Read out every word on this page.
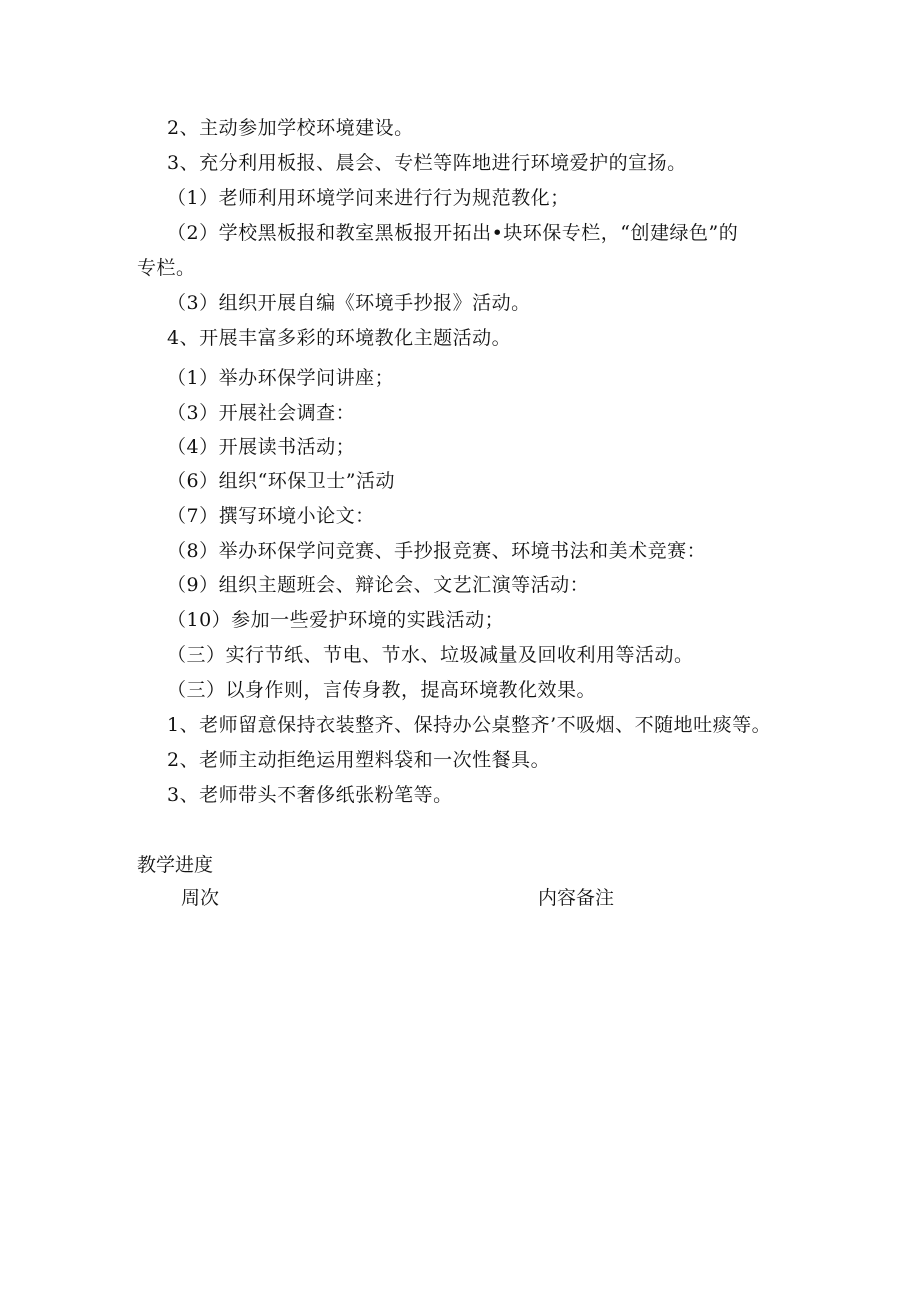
2、主动参加学校环境建设。
3、充分利用板报、晨会、专栏等阵地进行环境爱护的宣扬。
（1）老师利用环境学问来进行行为规范教化；
（2）学校黑板报和教室黑板报开拓出•块环保专栏，“创建绿色”的
专栏。
（3）组织开展自编《环境手抄报》活动。
4、开展丰富多彩的环境教化主题活动。
（1）举办环保学问讲座；
（3）开展社会调查：
（4）开展读书活动；
（6）组织“环保卫士”活动
（7）撰写环境小论文：
（8）举办环保学问竞赛、手抄报竞赛、环境书法和美术竞赛：
（9）组织主题班会、辩论会、文艺汇演等活动：
（10）参加一些爱护环境的实践活动；
（三）实行节纸、节电、节水、垃圾减量及回收利用等活动。
（三）以身作则，言传身教，提高环境教化效果。
1、老师留意保持衣装整齐、保持办公桌整齐’不吸烟、不随地吐痰等。
2、老师主动拒绝运用塑料袋和一次性餐具。
3、老师带头不奢侈纸张粉笔等。
教学进度
周次	内容备注
